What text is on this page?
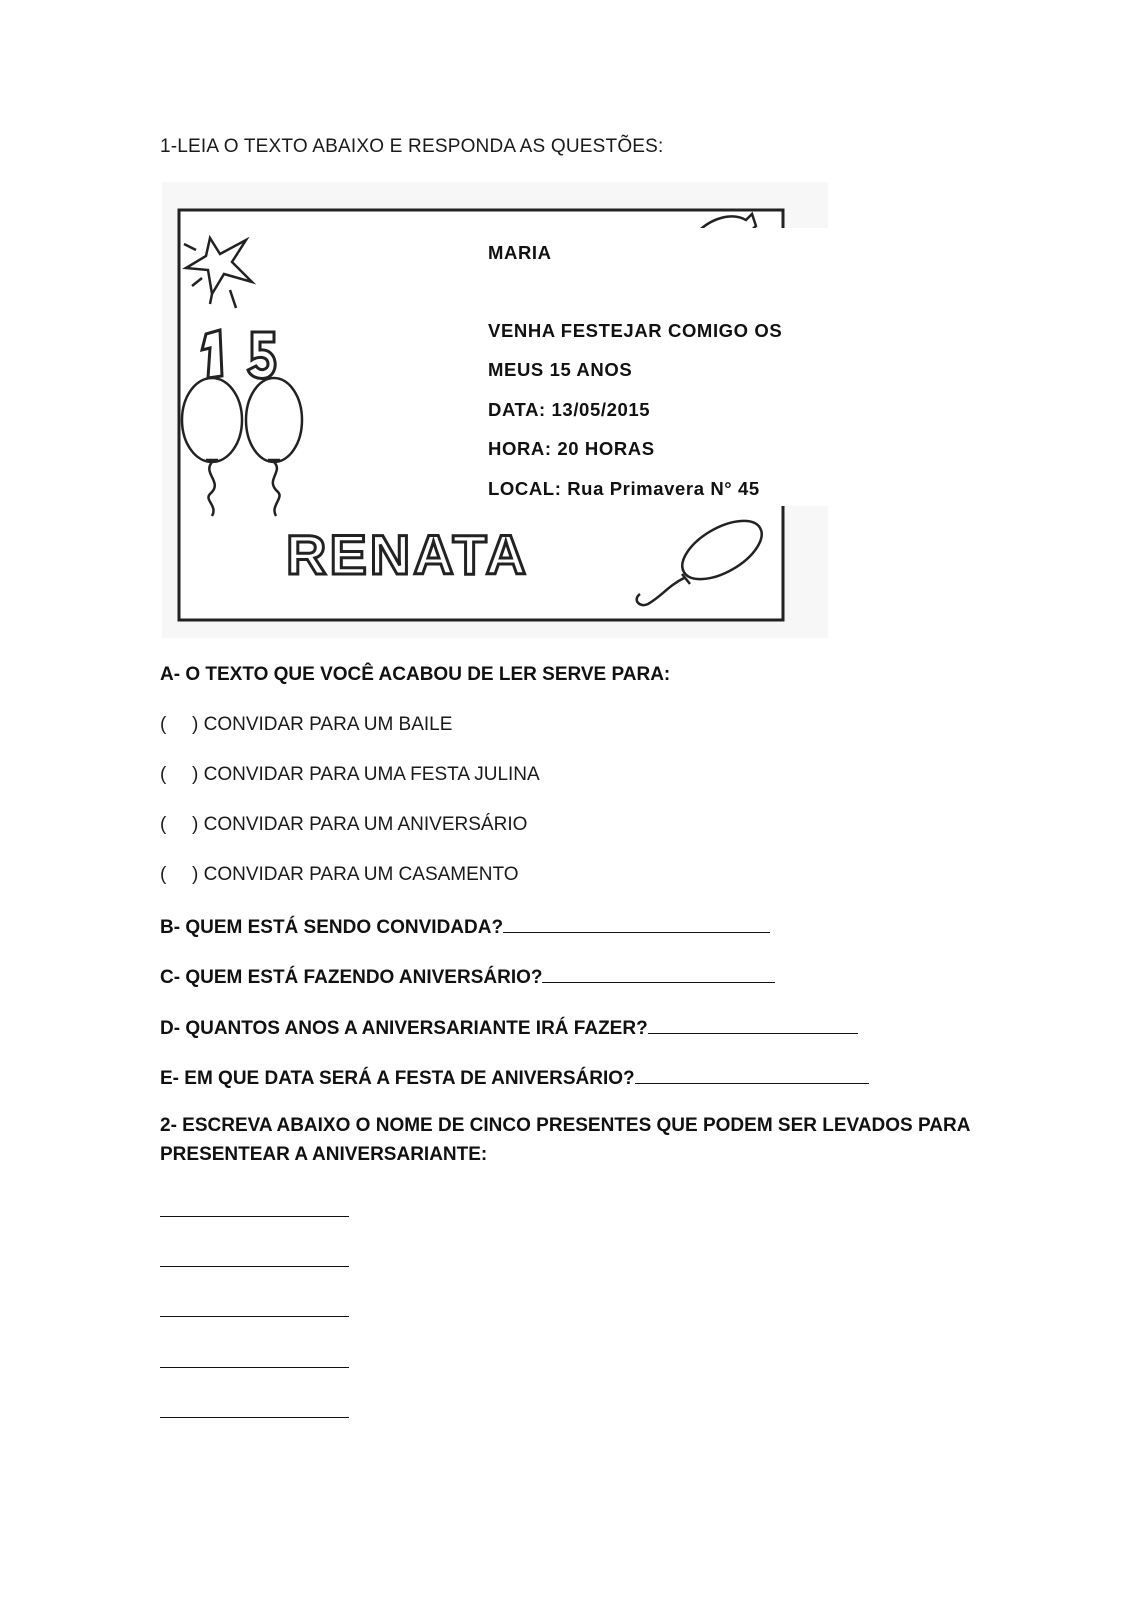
1-LEIA O TEXTO ABAIXO E RESPONDA AS QUESTÕES:
RENATA
MARIA
VENHA FESTEJAR COMIGO OS
MEUS 15 ANOS
DATA: 13/05/2015
HORA: 20 HORAS
LOCAL: Rua Primavera N° 45
A- O TEXTO QUE VOCÊ ACABOU DE LER SERVE PARA:
( ) CONVIDAR PARA UM BAILE
( ) CONVIDAR PARA UMA FESTA JULINA
( ) CONVIDAR PARA UM ANIVERSÁRIO
( ) CONVIDAR PARA UM CASAMENTO
B- QUEM ESTÁ SENDO CONVIDADA?
C- QUEM ESTÁ FAZENDO ANIVERSÁRIO?
D- QUANTOS ANOS A ANIVERSARIANTE IRÁ FAZER?
E- EM QUE DATA SERÁ A FESTA DE ANIVERSÁRIO?
2- ESCREVA ABAIXO O NOME DE CINCO PRESENTES QUE PODEM SER LEVADOS PARA
PRESENTEAR A ANIVERSARIANTE:
